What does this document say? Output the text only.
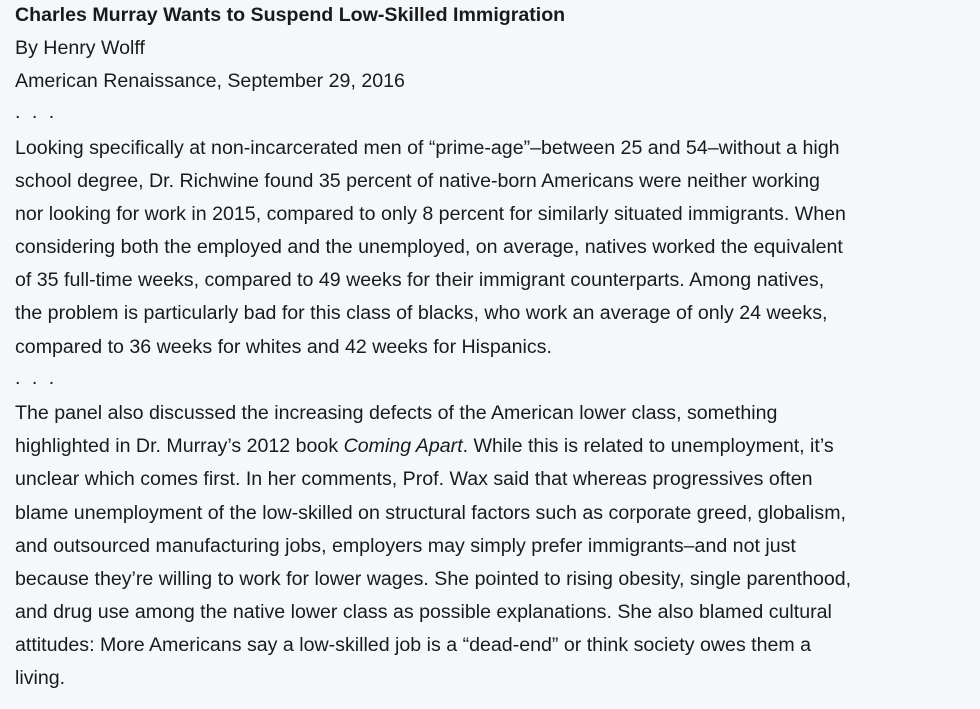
Charles Murray Wants to Suspend Low-Skilled Immigration
By Henry Wolff
American Renaissance, September 29, 2016
. . .
Looking specifically at non-incarcerated men of “prime-age”–between 25 and 54–without a high
school degree, Dr. Richwine found 35 percent of native-born Americans were neither working
nor looking for work in 2015, compared to only 8 percent for similarly situated immigrants. When
considering both the employed and the unemployed, on average, natives worked the equivalent
of 35 full-time weeks, compared to 49 weeks for their immigrant counterparts. Among natives,
the problem is particularly bad for this class of blacks, who work an average of only 24 weeks,
compared to 36 weeks for whites and 42 weeks for Hispanics.
. . .
The panel also discussed the increasing defects of the American lower class, something
highlighted in Dr. Murray’s 2012 book Coming Apart. While this is related to unemployment, it’s
unclear which comes first. In her comments, Prof. Wax said that whereas progressives often
blame unemployment of the low-skilled on structural factors such as corporate greed, globalism,
and outsourced manufacturing jobs, employers may simply prefer immigrants–and not just
because they’re willing to work for lower wages. She pointed to rising obesity, single parenthood,
and drug use among the native lower class as possible explanations. She also blamed cultural
attitudes: More Americans say a low-skilled job is a “dead-end” or think society owes them a
living.
